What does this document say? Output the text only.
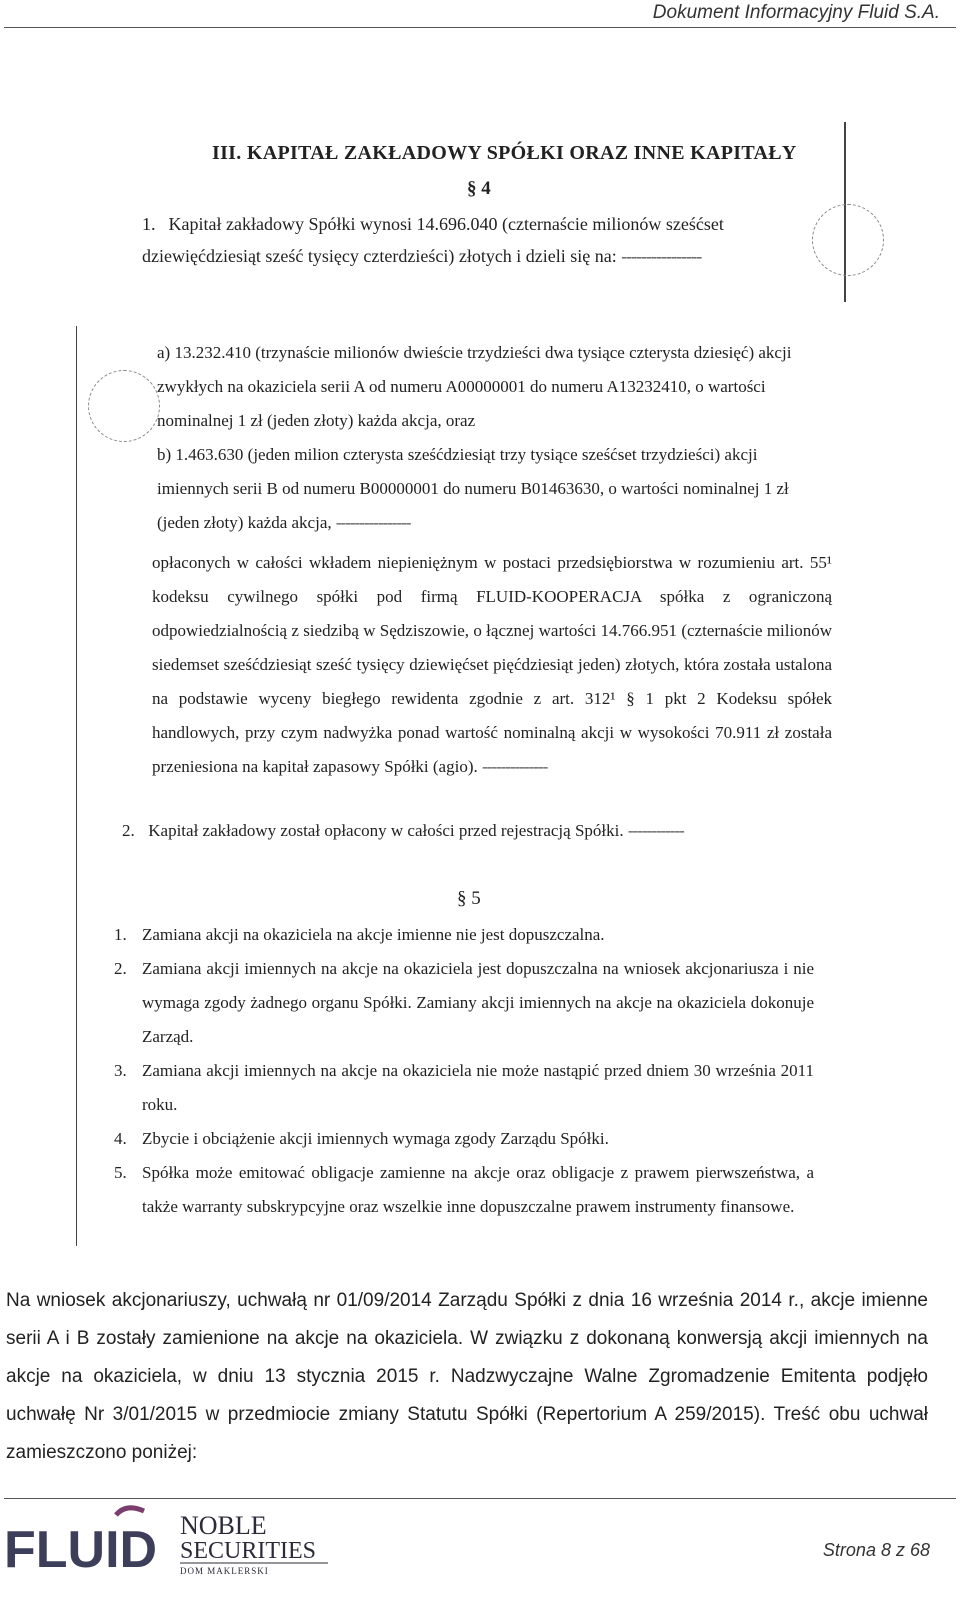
Dokument Informacyjny Fluid S.A.
III. KAPITAŁ ZAKŁADOWY SPÓŁKI ORAZ INNE KAPITAŁY
§ 4
1. Kapitał zakładowy Spółki wynosi 14.696.040 (czternaście milionów sześćset dziewięćdziesiąt sześć tysięcy czterdzieści) złotych i dzieli się na: ----------------
a) 13.232.410 (trzynaście milionów dwieście trzydzieści dwa tysiące czterysta dziesięć) akcji zwykłych na okaziciela serii A od numeru A00000001 do numeru A13232410, o wartości nominalnej 1 zł (jeden złoty) każda akcja, oraz
b) 1.463.630 (jeden milion czterysta sześćdziesiąt trzy tysiące sześćset trzydzieści) akcji imiennych serii B od numeru B00000001 do numeru B01463630, o wartości nominalnej 1 zł (jeden złoty) każda akcja, ----------------
opłaconych w całości wkładem niepieniężnym w postaci przedsiębiorstwa w rozumieniu art. 55¹ kodeksu cywilnego spółki pod firmą FLUID-KOOPERACJA spółka z ograniczoną odpowiedzialnością z siedzibą w Sędziszowie, o łącznej wartości 14.766.951 (czternaście milionów siedemset sześćdziesiąt sześć tysięcy dziewięćset pięćdziesiąt jeden) złotych, która została ustalona na podstawie wyceny biegłego rewidenta zgodnie z art. 312¹ § 1 pkt 2 Kodeksu spółek handlowych, przy czym nadwyżka ponad wartość nominalną akcji w wysokości 70.911 zł została przeniesiona na kapitał zapasowy Spółki (agio). --------------
2. Kapitał zakładowy został opłacony w całości przed rejestracją Spółki. ------------
§ 5
1. Zamiana akcji na okaziciela na akcje imienne nie jest dopuszczalna.
2. Zamiana akcji imiennych na akcje na okaziciela jest dopuszczalna na wniosek akcjonariusza i nie wymaga zgody żadnego organu Spółki. Zamiany akcji imiennych na akcje na okaziciela dokonuje Zarząd.
3. Zamiana akcji imiennych na akcje na okaziciela nie może nastąpić przed dniem 30 września 2011 roku.
4. Zbycie i obciążenie akcji imiennych wymaga zgody Zarządu Spółki.
5. Spółka może emitować obligacje zamienne na akcje oraz obligacje z prawem pierwszeństwa, a także warranty subskrypcyjne oraz wszelkie inne dopuszczalne prawem instrumenty finansowe.
Na wniosek akcjonariuszy, uchwałą nr 01/09/2014 Zarządu Spółki z dnia 16 września 2014 r., akcje imienne serii A i B zostały zamienione na akcje na okaziciela. W związku z dokonaną konwersją akcji imiennych na akcje na okaziciela, w dniu 13 stycznia 2015 r. Nadzwyczajne Walne Zgromadzenie Emitenta podjęło uchwałę Nr 3/01/2015 w przedmiocie zmiany Statutu Spółki (Repertorium A 259/2015). Treść obu uchwał zamieszczono poniżej:
FLUID NOBLE
SECURITIES
DOM MAKLERSKI
Strona 8 z 68
